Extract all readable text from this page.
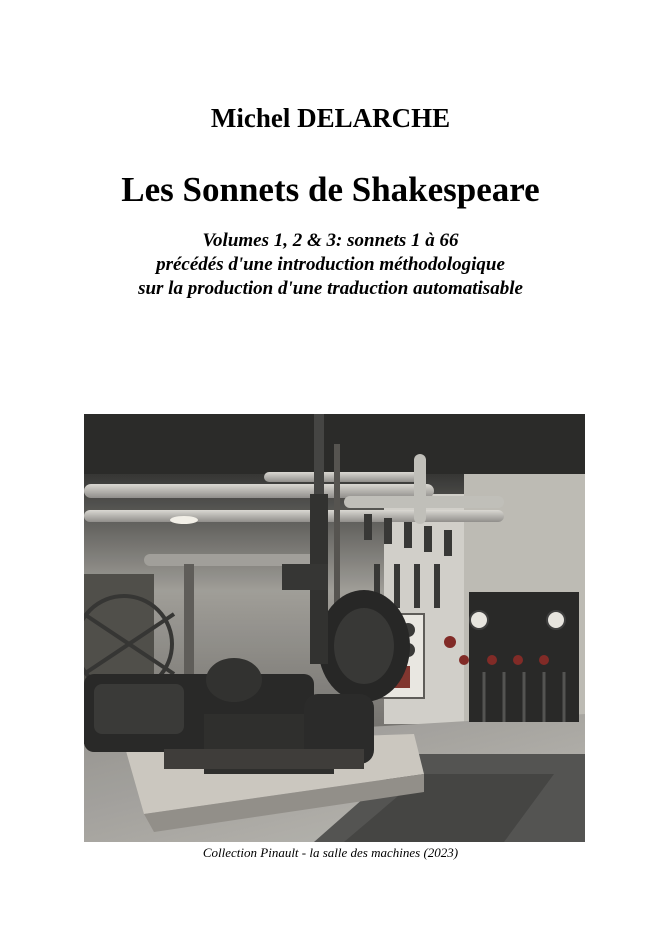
Michel DELARCHE
Les Sonnets de Shakespeare
Volumes 1, 2 & 3: sonnets 1 à 66
précédés d'une introduction méthodologique
sur la production d'une traduction automatisable
Collection Pinault - la salle des machines (2023)
